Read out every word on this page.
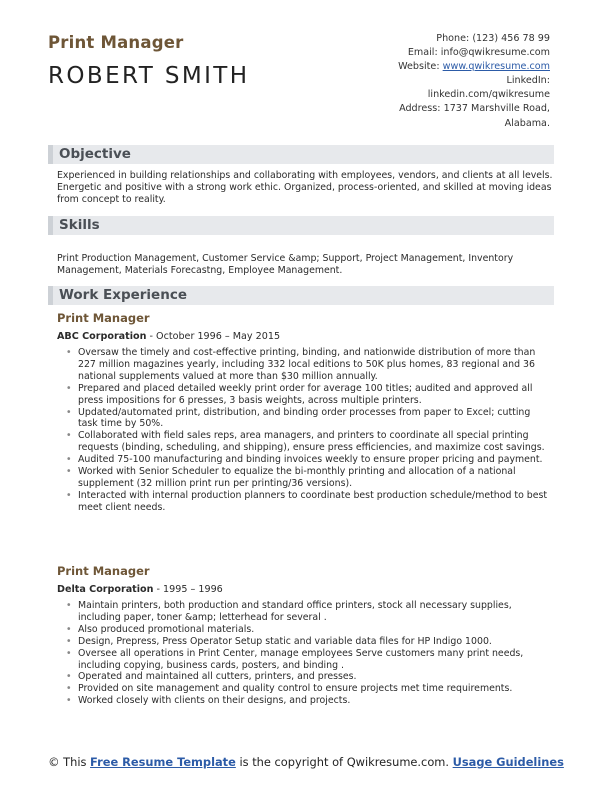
Print Manager
ROBERT SMITH
Phone: (123) 456 78 99
Email: info@qwikresume.com
Website: www.qwikresume.com
LinkedIn:
linkedin.com/qwikresume
Address: 1737 Marshville Road,
Alabama.
Objective
Experienced in building relationships and collaborating with employees, vendors, and clients at all levels. Energetic and positive with a strong work ethic. Organized, process-oriented, and skilled at moving ideas from concept to reality.
Skills
Print Production Management, Customer Service &amp; Support, Project Management, Inventory Management, Materials Forecastng, Employee Management.
Work Experience
Print Manager
ABC Corporation - October 1996 – May 2015
• Oversaw the timely and cost-effective printing, binding, and nationwide distribution of more than 227 million magazines yearly, including 332 local editions to 50K plus homes, 83 regional and 36 national supplements valued at more than $30 million annually.
• Prepared and placed detailed weekly print order for average 100 titles; audited and approved all press impositions for 6 presses, 3 basis weights, across multiple printers.
• Updated/automated print, distribution, and binding order processes from paper to Excel; cutting task time by 50%.
• Collaborated with field sales reps, area managers, and printers to coordinate all special printing requests (binding, scheduling, and shipping), ensure press efficiencies, and maximize cost savings.
• Audited 75-100 manufacturing and binding invoices weekly to ensure proper pricing and payment.
• Worked with Senior Scheduler to equalize the bi-monthly printing and allocation of a national supplement (32 million print run per printing/36 versions).
• Interacted with internal production planners to coordinate best production schedule/method to best meet client needs.
Print Manager
Delta Corporation - 1995 – 1996
• Maintain printers, both production and standard office printers, stock all necessary supplies, including paper, toner &amp; letterhead for several .
• Also produced promotional materials.
• Design, Prepress, Press Operator Setup static and variable data files for HP Indigo 1000.
• Oversee all operations in Print Center, manage employees Serve customers many print needs, including copying, business cards, posters, and binding .
• Operated and maintained all cutters, printers, and presses.
• Provided on site management and quality control to ensure projects met time requirements.
• Worked closely with clients on their designs, and projects.
© This Free Resume Template is the copyright of Qwikresume.com. Usage Guidelines
